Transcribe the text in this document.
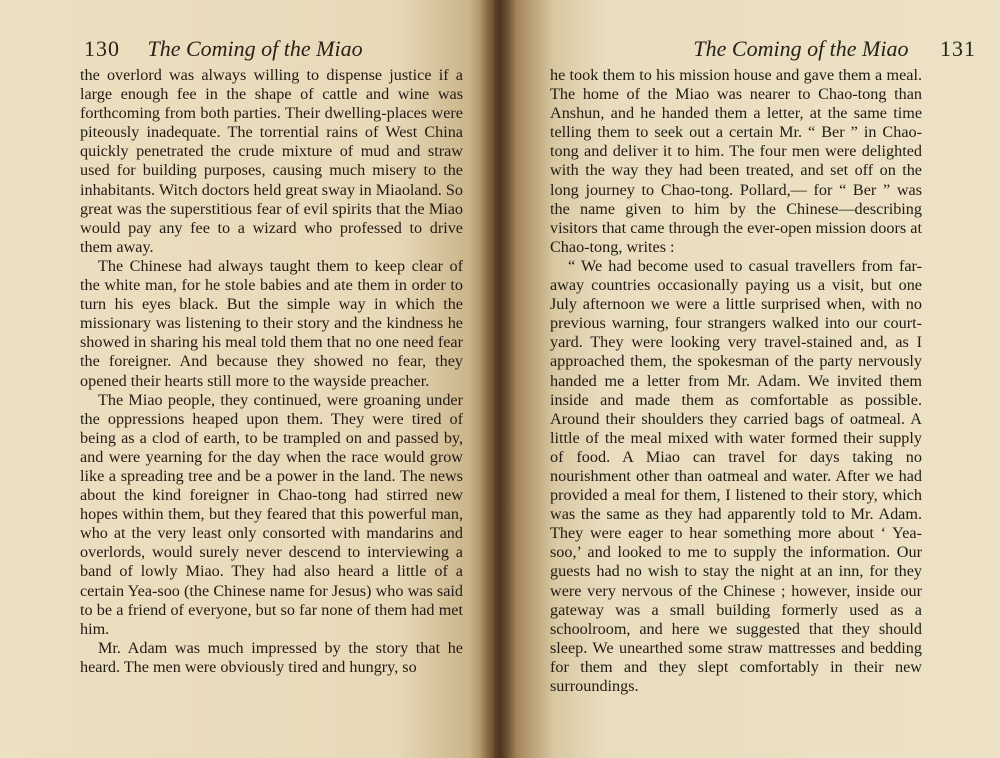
130 The Coming of the Miao

the overlord was always willing to dispense justice if a large enough fee in the shape of cattle and wine was forthcoming from both parties. Their dwelling-places were piteously inadequate. The torrential rains of West China quickly penetrated the crude mixture of mud and straw used for building purposes, causing much misery to the inhabitants. Witch doctors held great sway in Miaoland. So great was the superstitious fear of evil spirits that the Miao would pay any fee to a wizard who professed to drive them away.

The Chinese had always taught them to keep clear of the white man, for he stole babies and ate them in order to turn his eyes black. But the simple way in which the missionary was listening to their story and the kindness he showed in sharing his meal told them that no one need fear the foreigner. And because they showed no fear, they opened their hearts still more to the wayside preacher.

The Miao people, they continued, were groaning under the oppressions heaped upon them. They were tired of being as a clod of earth, to be trampled on and passed by, and were yearning for the day when the race would grow like a spreading tree and be a power in the land. The news about the kind foreigner in Chao-tong had stirred new hopes within them, but they feared that this powerful man, who at the very least only consorted with mandarins and overlords, would surely never descend to interviewing a band of lowly Miao. They had also heard a little of a certain Yea-soo (the Chinese name for Jesus) who was said to be a friend of everyone, but so far none of them had met him.

Mr. Adam was much impressed by the story that he heard. The men were obviously tired and hungry, so

The Coming of the Miao 131

he took them to his mission house and gave them a meal. The home of the Miao was nearer to Chao-tong than Anshun, and he handed them a letter, at the same time telling them to seek out a certain Mr. “ Ber ” in Chao-tong and deliver it to him. The four men were delighted with the way they had been treated, and set off on the long journey to Chao-tong. Pollard,— for “ Ber ” was the name given to him by the Chinese—describing visitors that came through the ever-open mission doors at Chao-tong, writes :

“ We had become used to casual travellers from far-away countries occasionally paying us a visit, but one July afternoon we were a little surprised when, with no previous warning, four strangers walked into our court-yard. They were looking very travel-stained and, as I approached them, the spokesman of the party nervously handed me a letter from Mr. Adam. We invited them inside and made them as comfortable as possible. Around their shoulders they carried bags of oatmeal. A little of the meal mixed with water formed their supply of food. A Miao can travel for days taking no nourishment other than oatmeal and water. After we had provided a meal for them, I listened to their story, which was the same as they had apparently told to Mr. Adam. They were eager to hear something more about ‘ Yea-soo,’ and looked to me to supply the information. Our guests had no wish to stay the night at an inn, for they were very nervous of the Chinese ; however, inside our gateway was a small building formerly used as a schoolroom, and here we suggested that they should sleep. We unearthed some straw mattresses and bedding for them and they slept comfortably in their new surroundings.
